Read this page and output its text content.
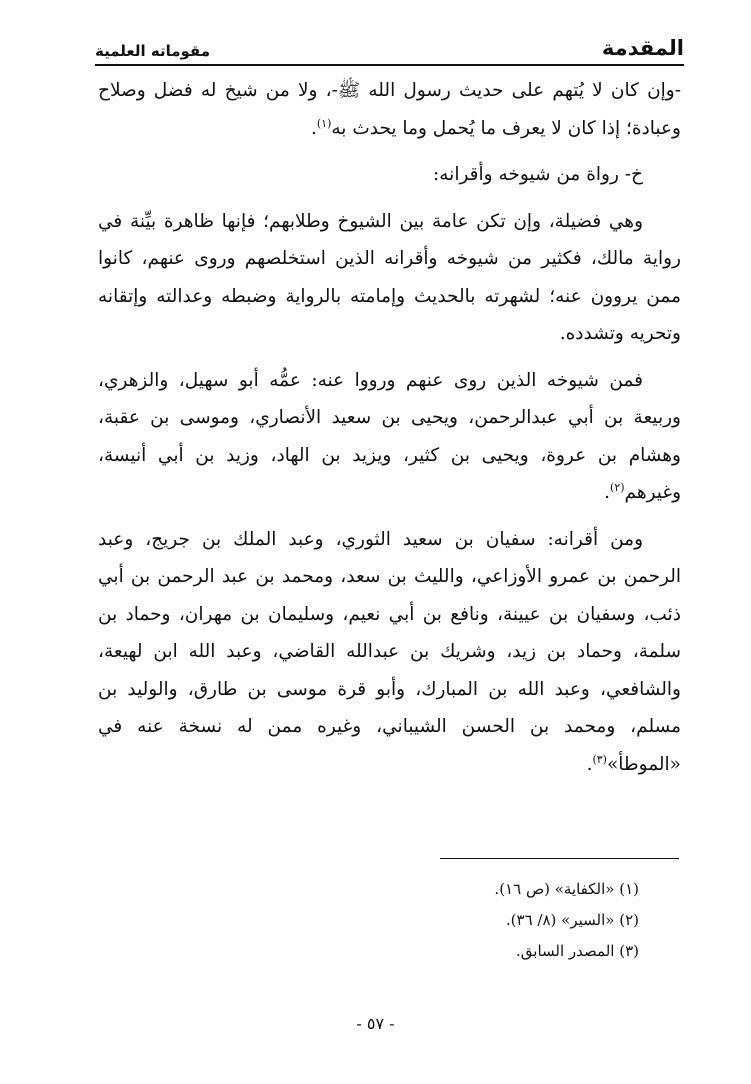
المقدمة
مقوماته العلمية

-وإن كان لا يُتهم على حديث رسول الله ﷺ-، ولا من شيخ له فضل وصلاح وعبادة؛ إذا كان لا يعرف ما يُحمل وما يحدث به$^{(١)}$.

خ- رواة من شيوخه وأقرانه:

وهي فضيلة، وإن تكن عامة بين الشيوخ وطلابهم؛ فإنها ظاهرة بيِّنة في رواية مالك، فكثير من شيوخه وأقرانه الذين استخلصهم وروى عنهم، كانوا ممن يروون عنه؛ لشهرته بالحديث وإمامته بالرواية وضبطه وعدالته وإتقانه وتحريه وتشدده.

فمن شيوخه الذين روى عنهم ورووا عنه: عمُّه أبو سهيل، والزهري، وربيعة بن أبي عبدالرحمن، ويحيى بن سعيد الأنصاري، وموسى بن عقبة، وهشام بن عروة، ويحيى بن كثير، ويزيد بن الهاد، وزيد بن أبي أنيسة، وغيرهم$^{(٢)}$.

ومن أقرانه: سفيان بن سعيد الثوري، وعبد الملك بن جريج، وعبد الرحمن بن عمرو الأوزاعي، والليث بن سعد، ومحمد بن عبد الرحمن بن أبي ذئب، وسفيان بن عيينة، ونافع بن أبي نعيم، وسليمان بن مهران، وحماد بن سلمة، وحماد بن زيد، وشريك بن عبدالله القاضي، وعبد الله ابن لهيعة، والشافعي، وعبد الله بن المبارك، وأبو قرة موسى بن طارق، والوليد بن مسلم، ومحمد بن الحسن الشيباني، وغيره ممن له نسخة عنه في «الموطأ»$^{(٣)}$.

(١) «الكفاية» (ص ١٦).
(٢) «السير» (٨/ ٣٦).
(٣) المصدر السابق.
- ٥٧ -
